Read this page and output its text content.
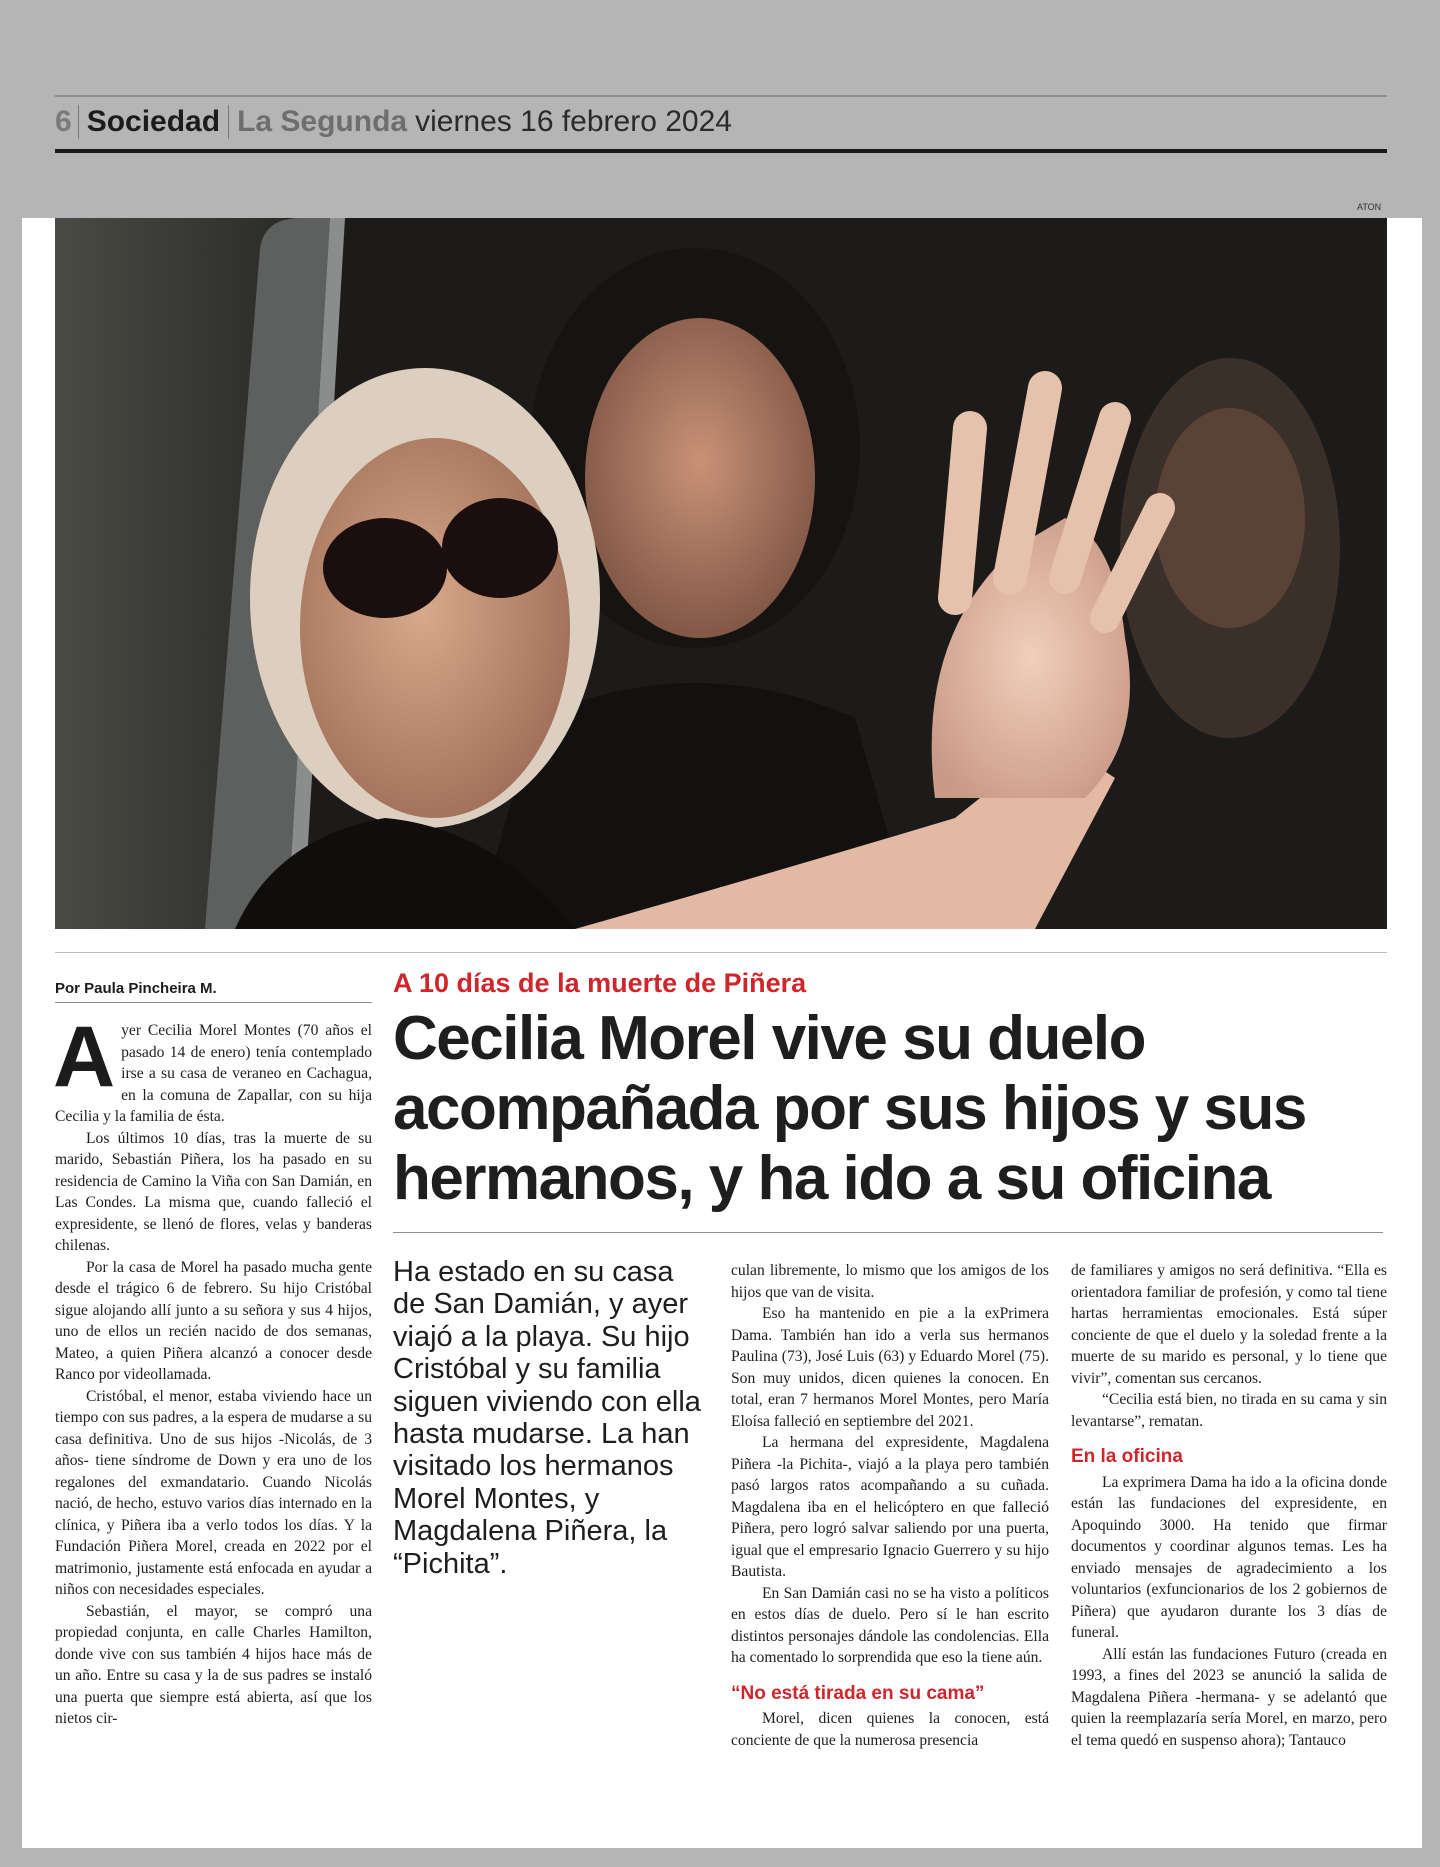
6 Sociedad La Segunda viernes 16 febrero 2024
ATON
Por Paula Pincheira M.	A 10 días de la muerte de Piñera
Cecilia Morel vive su duelo acompañada por sus hijos y sus hermanos, y ha ido a su oficina

Ayer Cecilia Morel Montes (70 años el pasado 14 de enero) tenía contemplado irse a su casa de veraneo en Cachagua, en la comuna de Zapallar, con su hija Cecilia y la familia de ésta.

Los últimos 10 días, tras la muerte de su marido, Sebastián Piñera, los ha pasado en su residencia de Camino la Viña con San Damián, en Las Condes. La misma que, cuando falleció el expresidente, se llenó de flores, velas y banderas chilenas.

Por la casa de Morel ha pasado mucha gente desde el trágico 6 de febrero. Su hijo Cristóbal sigue alojando allí junto a su señora y sus 4 hijos, uno de ellos un recién nacido de dos semanas, Mateo, a quien Piñera alcanzó a conocer desde Ranco por videollamada.

Cristóbal, el menor, estaba viviendo hace un tiempo con sus padres, a la espera de mudarse a su casa definitiva. Uno de sus hijos -Nicolás, de 3 años- tiene síndrome de Down y era uno de los regalones del exmandatario. Cuando Nicolás nació, de hecho, estuvo varios días internado en la clínica, y Piñera iba a verlo todos los días. Y la Fundación Piñera Morel, creada en 2022 por el matrimonio, justamente está enfocada en ayudar a niños con necesidades especiales.

Sebastián, el mayor, se compró una propiedad conjunta, en calle Charles Hamilton, donde vive con sus también 4 hijos hace más de un año. Entre su casa y la de sus padres se instaló una puerta que siempre está abierta, así que los nietos cir-

Ha estado en su casa de San Damián, y ayer viajó a la playa. Su hijo Cristóbal y su familia siguen viviendo con ella hasta mudarse. La han visitado los hermanos Morel Montes, y Magdalena Piñera, la “Pichita”.

culan libremente, lo mismo que los amigos de los hijos que van de visita.

Eso ha mantenido en pie a la exPrimera Dama. También han ido a verla sus hermanos Paulina (73), José Luis (63) y Eduardo Morel (75). Son muy unidos, dicen quienes la conocen. En total, eran 7 hermanos Morel Montes, pero María Eloísa falleció en septiembre del 2021.

La hermana del expresidente, Magdalena Piñera -la Pichita-, viajó a la playa pero también pasó largos ratos acompañando a su cuñada. Magdalena iba en el helicóptero en que falleció Piñera, pero logró salvar saliendo por una puerta, igual que el empresario Ignacio Guerrero y su hijo Bautista.

En San Damián casi no se ha visto a políticos en estos días de duelo. Pero sí le han escrito distintos personajes dándole las condolencias. Ella ha comentado lo sorprendida que eso la tiene aún.

“No está tirada en su cama”

Morel, dicen quienes la conocen, está conciente de que la numerosa presencia

de familiares y amigos no será definitiva. “Ella es orientadora familiar de profesión, y como tal tiene hartas herramientas emocionales. Está súper conciente de que el duelo y la soledad frente a la muerte de su marido es personal, y lo tiene que vivir”, comentan sus cercanos.

“Cecilia está bien, no tirada en su cama y sin levantarse”, rematan.

En la oficina

La exprimera Dama ha ido a la oficina donde están las fundaciones del expresidente, en Apoquindo 3000. Ha tenido que firmar documentos y coordinar algunos temas. Les ha enviado mensajes de agradecimiento a los voluntarios (exfuncionarios de los 2 gobiernos de Piñera) que ayudaron durante los 3 días de funeral.

Allí están las fundaciones Futuro (creada en 1993, a fines del 2023 se anunció la salida de Magdalena Piñera -hermana- y se adelantó que quien la reemplazaría sería Morel, en marzo, pero el tema quedó en suspenso ahora); Tantauco
